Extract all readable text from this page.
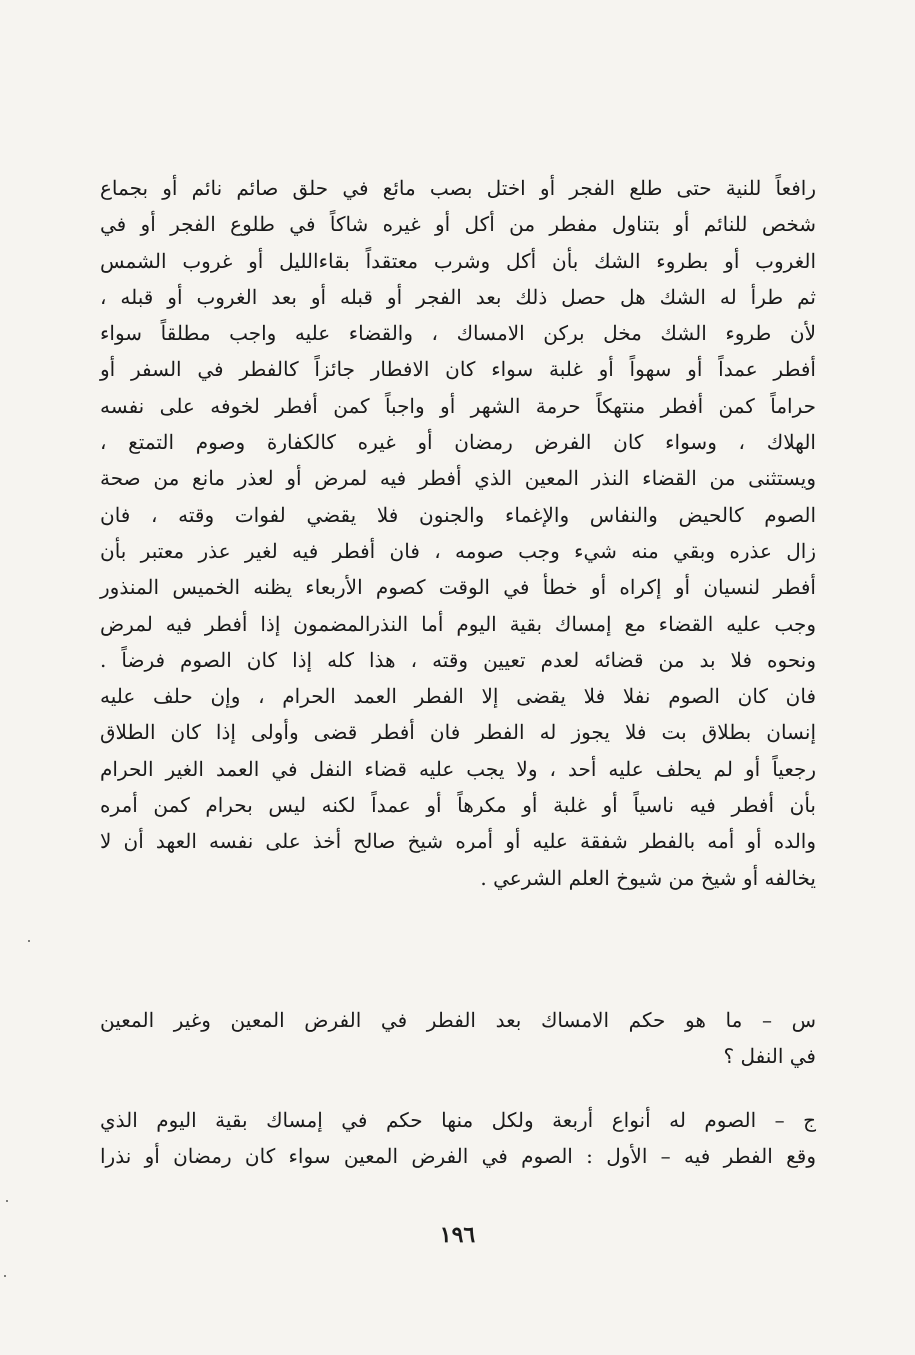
رافعاً للنية حتى طلع الفجر أو اختل بصب مائع في حلق صائم نائم أو بجماع
شخص للنائم أو بتناول مفطر من أكل أو غيره شاكاً في طلوع الفجر أو في
الغروب أو بطروء الشك بأن أكل وشرب معتقداً بقاءالليل أو غروب الشمس
ثم طرأ له الشك هل حصل ذلك بعد الفجر أو قبله أو بعد الغروب أو قبله ،
لأن طروء الشك مخل بركن الامساك ، والقضاء عليه واجب مطلقاً سواء
أفطر عمداً أو سهواً أو غلبة سواء كان الافطار جائزاً كالفطر في السفر أو
حراماً كمن أفطر منتهكاً حرمة الشهر أو واجباً كمن أفطر لخوفه على نفسه
الهلاك ، وسواء كان الفرض رمضان أو غيره كالكفارة وصوم التمتع ،
ويستثنى من القضاء النذر المعين الذي أفطر فيه لمرض أو لعذر مانع من صحة
الصوم كالحيض والنفاس والإغماء والجنون فلا يقضي لفوات وقته ، فان
زال عذره وبقي منه شيء وجب صومه ، فان أفطر فيه لغير عذر معتبر بأن
أفطر لنسيان أو إكراه أو خطأ في الوقت كصوم الأربعاء يظنه الخميس المنذور
وجب عليه القضاء مع إمساك بقية اليوم أما النذرالمضمون إذا أفطر فيه لمرض
ونحوه فلا بد من قضائه لعدم تعيين وقته ، هذا كله إذا كان الصوم فرضاً .
فان كان الصوم نفلا فلا يقضى إلا الفطر العمد الحرام ، وإن حلف عليه
إنسان بطلاق بت فلا يجوز له الفطر فان أفطر قضى وأولى إذا كان الطلاق
رجعياً أو لم يحلف عليه أحد ، ولا يجب عليه قضاء النفل في العمد الغير الحرام
بأن أفطر فيه ناسياً أو غلبة أو مكرهاً أو عمداً لكنه ليس بحرام كمن أمره
والده أو أمه بالفطر شفقة عليه أو أمره شيخ صالح أخذ على نفسه العهد أن لا
يخالفه أو شيخ من شيوخ العلم الشرعي .
س – ما هو حكم الامساك بعد الفطر في الفرض المعين وغير المعين
في النفل ؟
ج – الصوم له أنواع أربعة ولكل منها حكم في إمساك بقية اليوم الذي
وقع الفطر فيه – الأول : الصوم في الفرض المعين سواء كان رمضان أو نذرا
١٩٦
